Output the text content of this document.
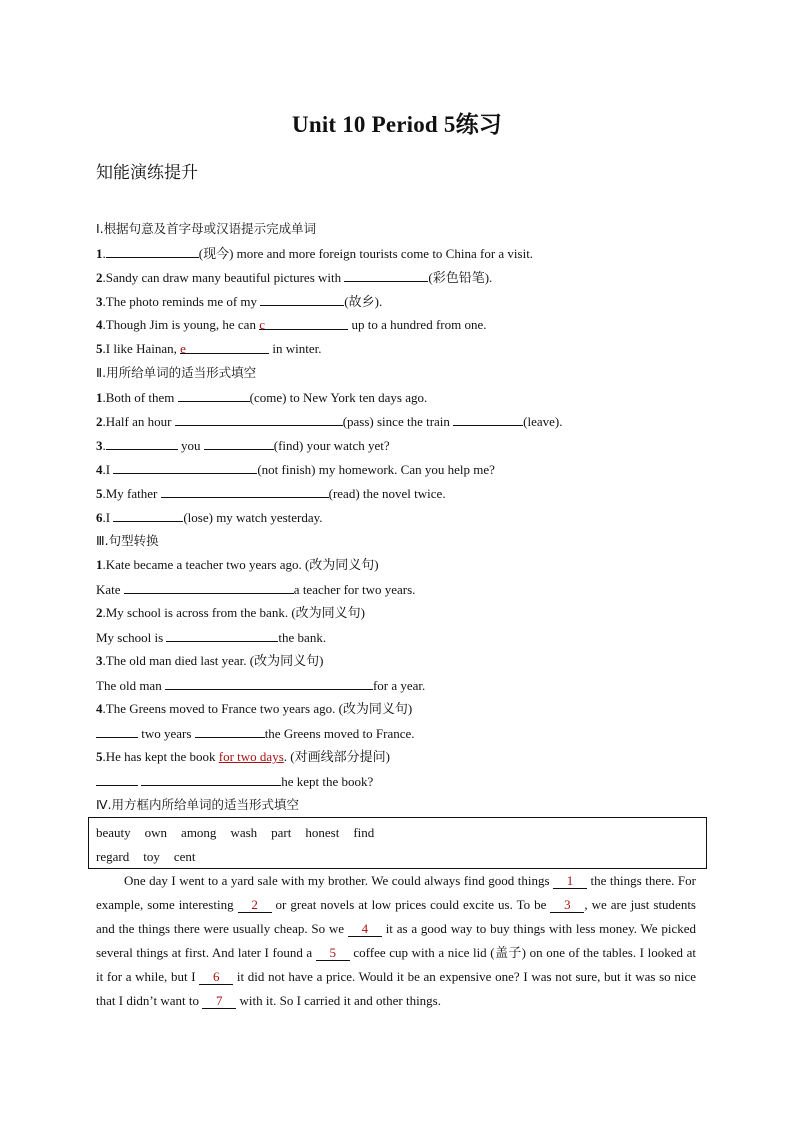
Unit 10 Period 5练习
知能演练提升
Ⅰ.根据句意及首字母或汉语提示完成单词
1.	(现今) more and more foreign tourists come to China for a visit.
2.Sandy can draw many beautiful pictures with	(彩色铅笔).
3.The photo reminds me of my	(故乡).
4.Though Jim is young, he can c	up to a hundred from one.
5.I like Hainan, e	in winter.
Ⅱ.用所给单词的适当形式填空
1.Both of them	(come) to New York ten days ago.
2.Half an hour	(pass) since the train	(leave).
3.	you	(find) your watch yet?
4.I	(not finish) my homework. Can you help me?
5.My father	(read) the novel twice.
6.I	(lose) my watch yesterday.
Ⅲ.句型转换
1.Kate became a teacher two years ago. (改为同义句)
Kate	a teacher for two years.
2.My school is across from the bank. (改为同义句)
My school is	the bank.
3.The old man died last year. (改为同义句)
The old man	for a year.
4.The Greens moved to France two years ago. (改为同义句)
two years	the Greens moved to France.
5.He has kept the book for two days. (对画线部分提问)
he kept the book?
Ⅳ.用方框内所给单词的适当形式填空
beauty own among wash part honest find
regard toy cent
One day I went to a yard sale with my brother. We could always find good things 1 the things there. For example, some interesting 2 or great novels at low prices could excite us. To be 3 , we are just students and the things there were usually cheap. So we 4 it as a good way to buy things with less money. We picked several things at first. And later I found a 5 coffee cup with a nice lid (盖子) on one of the tables. I looked at it for a while, but I 6 it did not have a price. Would it be an expensive one? I was not sure, but it was so nice that I didn’t want to 7 with it. So I carried it and other things.
